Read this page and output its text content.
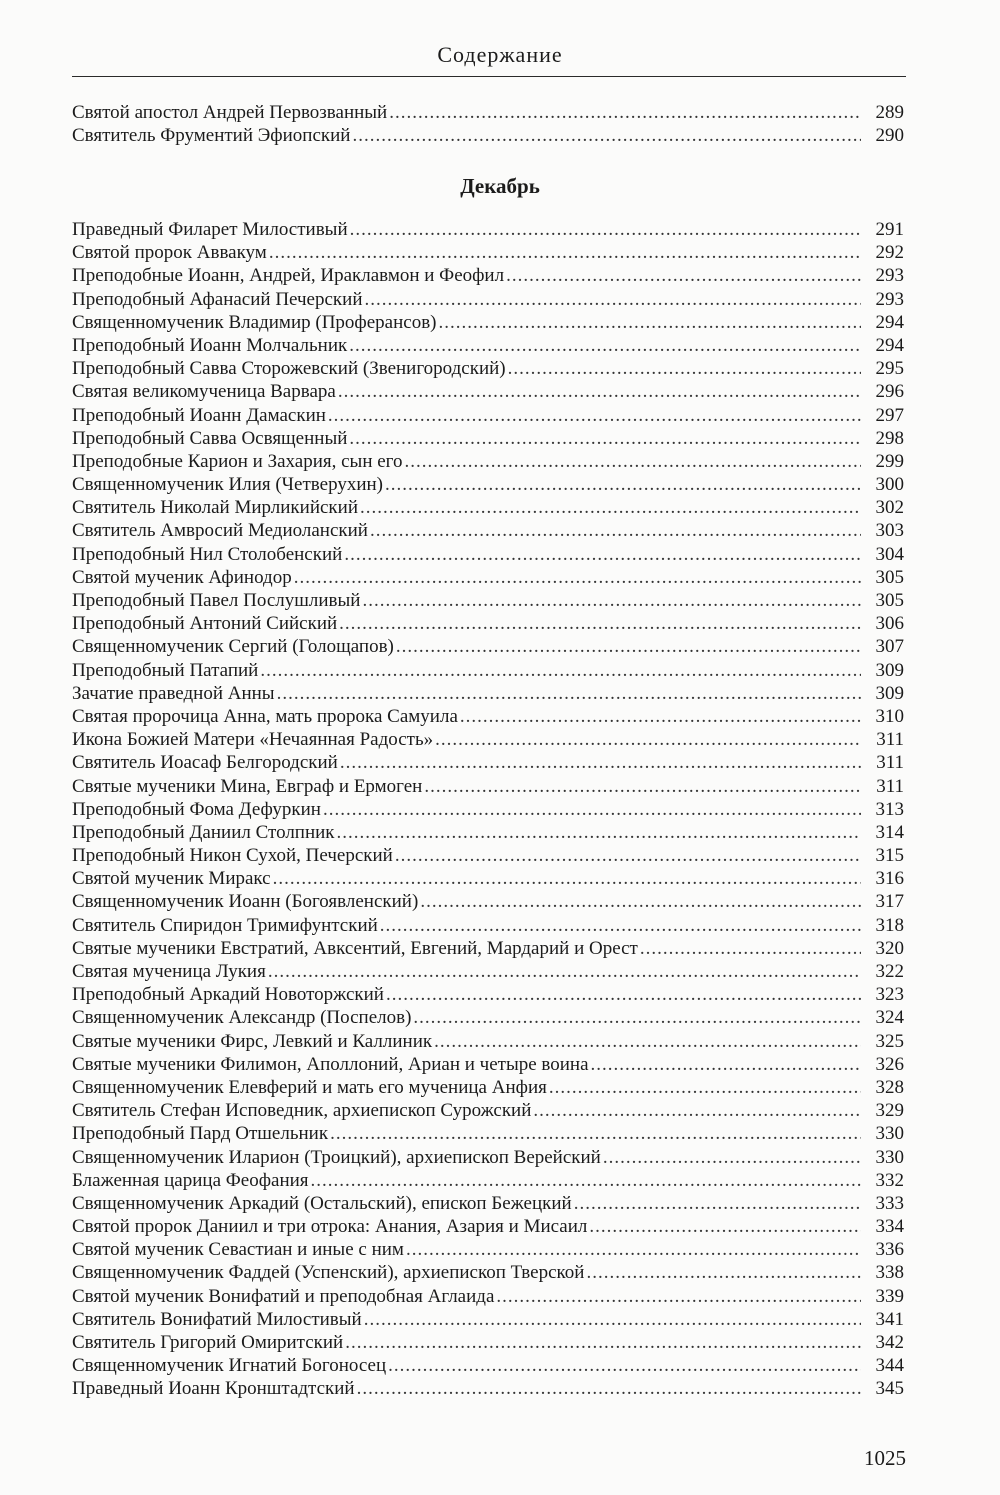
Содержание
Святой апостол Андрей Первозванный .....	289
Святитель Фрументий Эфиопский .....	290
Декабрь
Праведный Филарет Милостивый .....	291
Святой пророк Аввакум .....	292
Преподобные Иоанн, Андрей, Ираклавмон и Феофил .....	293
Преподобный Афанасий Печерский .....	293
Священномученик Владимир (Проферансов) .....	294
Преподобный Иоанн Молчальник .....	294
Преподобный Савва Сторожевский (Звенигородский) .....	295
Святая великомученица Варвара .....	296
Преподобный Иоанн Дамаскин .....	297
Преподобный Савва Освященный .....	298
Преподобные Карион и Захария, сын его .....	299
Священномученик Илия (Четверухин) .....	300
Святитель Николай Мирликийский .....	302
Святитель Амвросий Медиоланский .....	303
Преподобный Нил Столобенский .....	304
Святой мученик Афинодор .....	305
Преподобный Павел Послушливый .....	305
Преподобный Антоний Сийский .....	306
Священномученик Сергий (Голощапов) .....	307
Преподобный Патапий .....	309
Зачатие праведной Анны .....	309
Святая пророчица Анна, мать пророка Самуила .....	310
Икона Божией Матери «Нечаянная Радость» .....	311
Святитель Иоасаф Белгородский .....	311
Святые мученики Мина, Евграф и Ермоген .....	311
Преподобный Фома Дефуркин .....	313
Преподобный Даниил Столпник .....	314
Преподобный Никон Сухой, Печерский .....	315
Святой мученик Миракс .....	316
Священномученик Иоанн (Богоявленский) .....	317
Святитель Спиридон Тримифунтский .....	318
Святые мученики Евстратий, Авксентий, Евгений, Мардарий и Орест .....	320
Святая мученица Лукия .....	322
Преподобный Аркадий Новоторжский .....	323
Священномученик Александр (Поспелов) .....	324
Святые мученики Фирс, Левкий и Каллиник .....	325
Святые мученики Филимон, Аполлоний, Ариан и четыре воина .....	326
Священномученик Елевферий и мать его мученица Анфия .....	328
Святитель Стефан Исповедник, архиепископ Сурожский .....	329
Преподобный Пард Отшельник .....	330
Священномученик Иларион (Троицкий), архиепископ Верейский .....	330
Блаженная царица Феофания .....	332
Священномученик Аркадий (Остальский), епископ Бежецкий .....	333
Святой пророк Даниил и три отрока: Анания, Азария и Мисаил .....	334
Святой мученик Севастиан и иные с ним .....	336
Священномученик Фаддей (Успенский), архиепископ Тверской .....	338
Святой мученик Вонифатий и преподобная Аглаида .....	339
Святитель Вонифатий Милостивый .....	341
Святитель Григорий Омиритский .....	342
Священномученик Игнатий Богоносец .....	344
Праведный Иоанн Кронштадтский .....	345
1025
